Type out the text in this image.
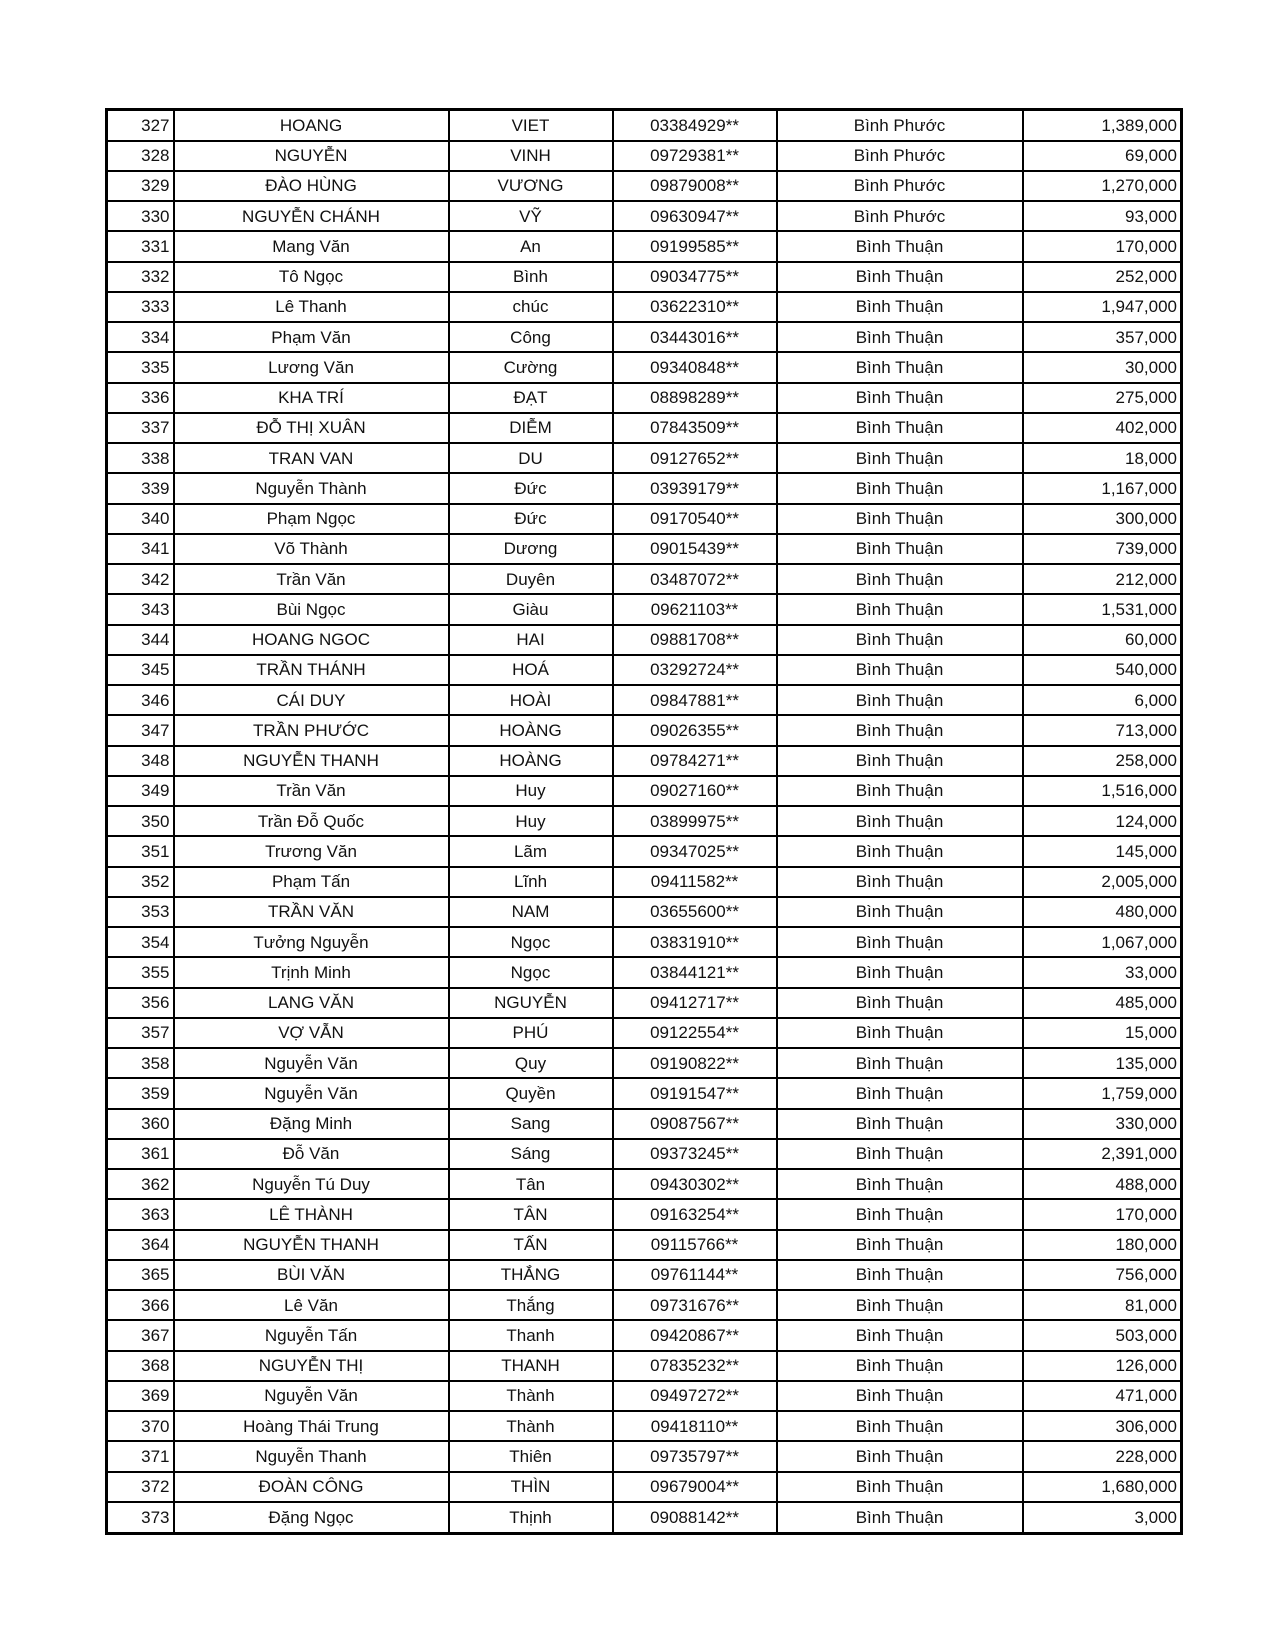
327	HOANG	VIET	03384929**	Bình Phước	1,389,000
328	NGUYỄN	VINH	09729381**	Bình Phước	69,000
329	ĐÀO HÙNG	VƯƠNG	09879008**	Bình Phước	1,270,000
330	NGUYỄN CHÁNH	VỸ	09630947**	Bình Phước	93,000
331	Mang Văn	An	09199585**	Bình Thuận	170,000
332	Tô Ngọc	Bình	09034775**	Bình Thuận	252,000
333	Lê Thanh	chúc	03622310**	Bình Thuận	1,947,000
334	Phạm Văn	Công	03443016**	Bình Thuận	357,000
335	Lương Văn	Cường	09340848**	Bình Thuận	30,000
336	KHA TRÍ	ĐẠT	08898289**	Bình Thuận	275,000
337	ĐỖ THỊ XUÂN	DIỄM	07843509**	Bình Thuận	402,000
338	TRAN VAN	DU	09127652**	Bình Thuận	18,000
339	Nguyễn Thành	Đức	03939179**	Bình Thuận	1,167,000
340	Phạm Ngọc	Đức	09170540**	Bình Thuận	300,000
341	Võ Thành	Dương	09015439**	Bình Thuận	739,000
342	Trần Văn	Duyên	03487072**	Bình Thuận	212,000
343	Bùi Ngọc	Giàu	09621103**	Bình Thuận	1,531,000
344	HOANG NGOC	HAI	09881708**	Bình Thuận	60,000
345	TRẦN THÁNH	HOÁ	03292724**	Bình Thuận	540,000
346	CÁI DUY	HOÀI	09847881**	Bình Thuận	6,000
347	TRẦN PHƯỚC	HOÀNG	09026355**	Bình Thuận	713,000
348	NGUYỄN THANH	HOÀNG	09784271**	Bình Thuận	258,000
349	Trần Văn	Huy	09027160**	Bình Thuận	1,516,000
350	Trần Đỗ Quốc	Huy	03899975**	Bình Thuận	124,000
351	Trương Văn	Lãm	09347025**	Bình Thuận	145,000
352	Phạm Tấn	Lĩnh	09411582**	Bình Thuận	2,005,000
353	TRẦN VĂN	NAM	03655600**	Bình Thuận	480,000
354	Tưởng Nguyễn	Ngọc	03831910**	Bình Thuận	1,067,000
355	Trịnh Minh	Ngọc	03844121**	Bình Thuận	33,000
356	LANG VĂN	NGUYỄN	09412717**	Bình Thuận	485,000
357	VỢ VẪN	PHÚ	09122554**	Bình Thuận	15,000
358	Nguyễn Văn	Quy	09190822**	Bình Thuận	135,000
359	Nguyễn Văn	Quyền	09191547**	Bình Thuận	1,759,000
360	Đặng Minh	Sang	09087567**	Bình Thuận	330,000
361	Đỗ Văn	Sáng	09373245**	Bình Thuận	2,391,000
362	Nguyễn Tú Duy	Tân	09430302**	Bình Thuận	488,000
363	LÊ THÀNH	TÂN	09163254**	Bình Thuận	170,000
364	NGUYỄN THANH	TẤN	09115766**	Bình Thuận	180,000
365	BÙI VĂN	THẮNG	09761144**	Bình Thuận	756,000
366	Lê Văn	Thắng	09731676**	Bình Thuận	81,000
367	Nguyễn Tấn	Thanh	09420867**	Bình Thuận	503,000
368	NGUYỄN THỊ	THANH	07835232**	Bình Thuận	126,000
369	Nguyễn Văn	Thành	09497272**	Bình Thuận	471,000
370	Hoàng Thái Trung	Thành	09418110**	Bình Thuận	306,000
371	Nguyễn Thanh	Thiên	09735797**	Bình Thuận	228,000
372	ĐOÀN CÔNG	THÌN	09679004**	Bình Thuận	1,680,000
373	Đặng Ngọc	Thịnh	09088142**	Bình Thuận	3,000
